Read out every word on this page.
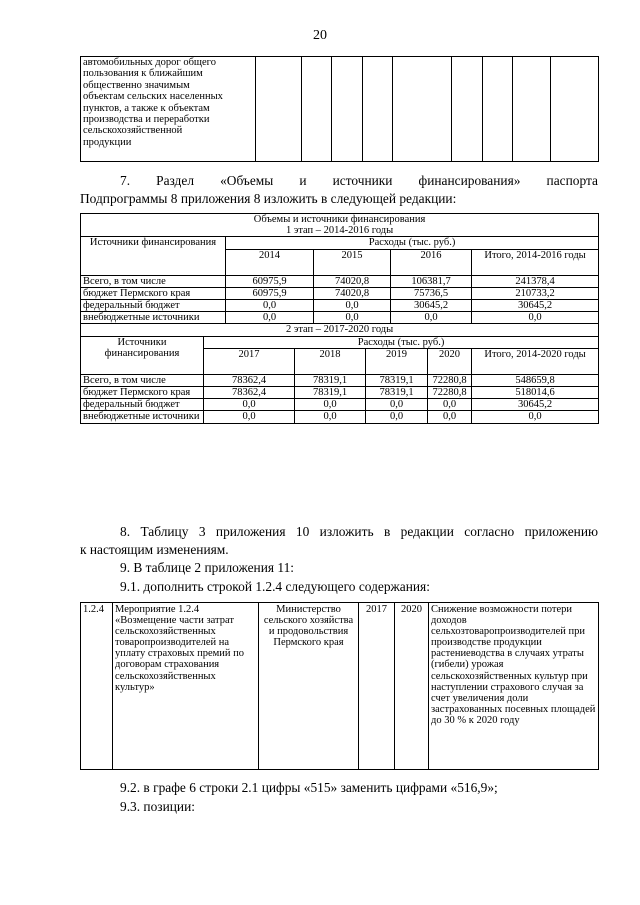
20
автомобильных дорог общего
пользования к ближайшим
общественно значимым
объектам сельских населенных
пунктов, а также к объектам
производства и переработки
сельскохозяйственной
продукции

7. Раздел «Объемы и источники финансирования» паспорта
Подпрограммы 8 приложения 8 изложить в следующей редакции:
Объемы и источники финансирования
1 этап – 2014-2016 годы								

Источники финансирования		Расходы (тыс. руб.)						
		2014		2015		2016		Итого, 2014-2016 годы
Всего, в том числе		60975,9		74020,8		106381,7		241378,4
бюджет Пермского края		60975,9		74020,8		75736,5		210733,2
федеральный бюджет		0,0		0,0		30645,2		30645,2
внебюджетные источники		0,0		0,0		0,0		0,0
2 этап – 2017-2020 годы								
Источники финансирования	Расходы (тыс. руб.)							
	2017		2018		2019		2020	Итого, 2014-2020 годы
Всего, в том числе	78362,4		78319,1		78319,1		72280,8	548659,8
бюджет Пермского края	78362,4		78319,1		78319,1		72280,8	518014,6
федеральный бюджет	0,0		0,0		0,0		0,0	30645,2
внебюджетные источники	0,0		0,0		0,0		0,0	0,0
8. Таблицу 3 приложения 10 изложить в редакции согласно приложению
к настоящим изменениям.
9. В таблице 2 приложения 11:
9.1. дополнить строкой 1.2.4 следующего содержания:
1.2.4	Мероприятие 1.2.4 «Возмещение части затрат сельскохозяйственных товаропроизводителей на уплату страховых премий по договорам страхования сельскохозяйственных культур»	Министерство сельского хозяйства и продовольствия Пермского края	2017	2020	Снижение возможности потери доходов сельхозтоваропроизводителей при производстве продукции растениеводства в случаях утраты (гибели) урожая сельскохозяйственных культур при наступлении страхового случая за счет увеличения доли застрахованных посевных площадей до 30 % к 2020 году
9.2. в графе 6 строки 2.1 цифры «515» заменить цифрами «516,9»;
9.3. позиции:
